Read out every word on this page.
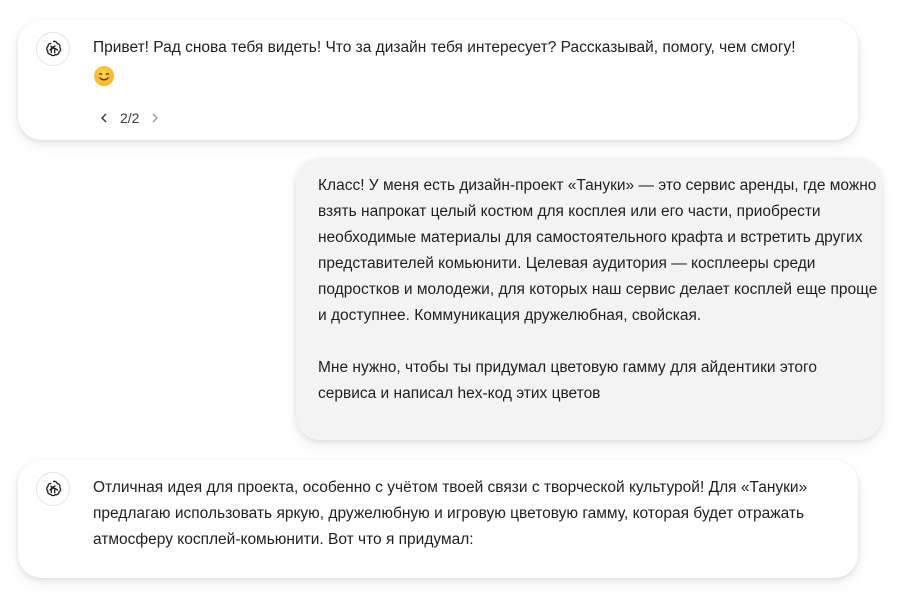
Привет! Рад снова тебя видеть! Что за дизайн тебя интересует? Рассказывай, помогу, чем смогу!
2/2
Класс! У меня есть дизайн-проект «Тануки» — это сервис аренды, где можно взять напрокат целый костюм для косплея или его части, приобрести необходимые материалы для самостоятельного крафта и встретить других представителей комьюнити. Целевая аудитория — косплееры среди подростков и молодежи, для которых наш сервис делает косплей еще проще и доступнее. Коммуникация дружелюбная, свойская.
Мне нужно, чтобы ты придумал цветовую гамму для айдентики этого сервиса и написал hex-код этих цветов
Отличная идея для проекта, особенно с учётом твоей связи с творческой культурой! Для «Тануки» предлагаю использовать яркую, дружелюбную и игровую цветовую гамму, которая будет отражать атмосферу косплей-комьюнити. Вот что я придумал:
